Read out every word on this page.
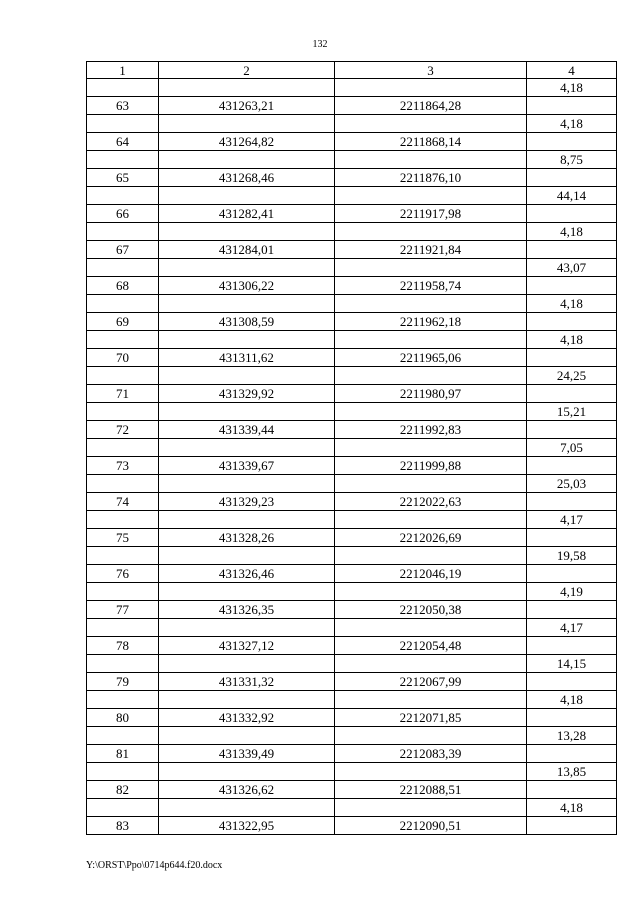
132
1	2	3	4
			4,18
63	431263,21	2211864,28	
			4,18
64	431264,82	2211868,14	
			8,75
65	431268,46	2211876,10	
			44,14
66	431282,41	2211917,98	
			4,18
67	431284,01	2211921,84	
			43,07
68	431306,22	2211958,74	
			4,18
69	431308,59	2211962,18	
			4,18
70	431311,62	2211965,06	
			24,25
71	431329,92	2211980,97	
			15,21
72	431339,44	2211992,83	
			7,05
73	431339,67	2211999,88	
			25,03
74	431329,23	2212022,63	
			4,17
75	431328,26	2212026,69	
			19,58
76	431326,46	2212046,19	
			4,19
77	431326,35	2212050,38	
			4,17
78	431327,12	2212054,48	
			14,15
79	431331,32	2212067,99	
			4,18
80	431332,92	2212071,85	
			13,28
81	431339,49	2212083,39	
			13,85
82	431326,62	2212088,51	
			4,18
83	431322,95	2212090,51	
Y:\ORST\Ppo\0714p644.f20.docx
